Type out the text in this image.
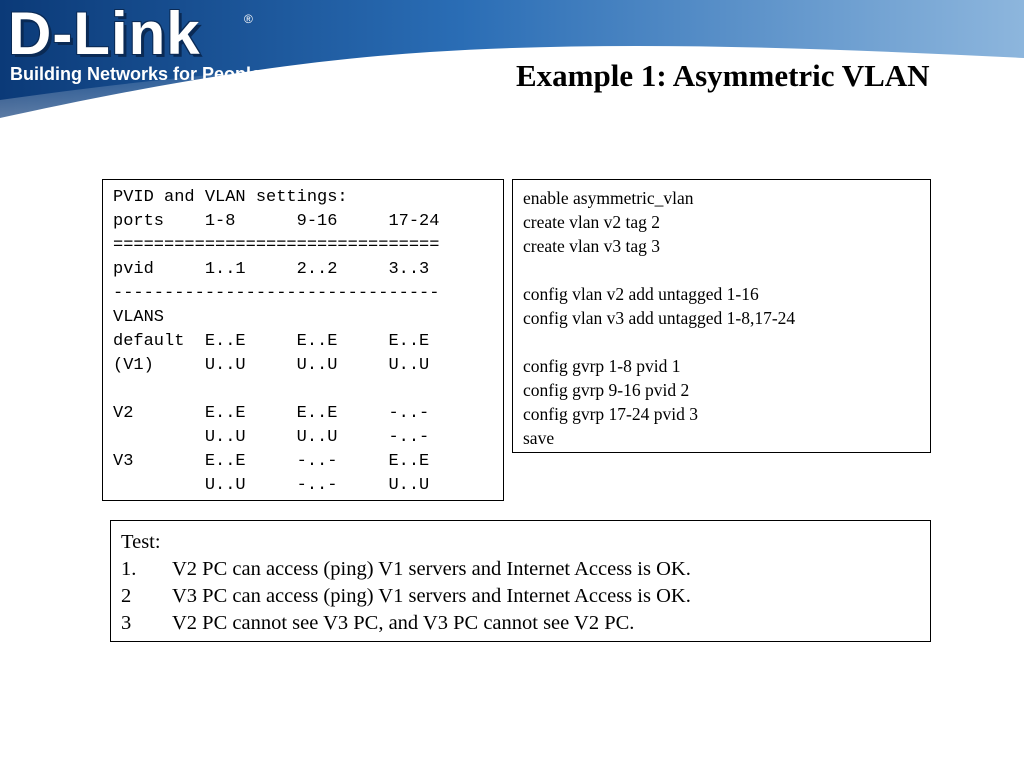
D-Link	®
Building Networks for People	Example 1: Asymmetric VLAN
PVID and VLAN settings:
ports    1-8      9-16     17-24
================================
pvid     1..1     2..2     3..3
--------------------------------
VLANS
default  E..E     E..E     E..E
(V1)     U..U     U..U     U..U
V2       E..E     E..E     -..-
U..U     U..U     -..-
V3       E..E     -..-     E..E
U..U     -..-     U..U
enable asymmetric_vlan
create vlan v2 tag 2
create vlan v3 tag 3
config vlan v2 add untagged 1-16
config vlan v3 add untagged 1-8,17-24
config gvrp 1-8 pvid 1
config gvrp 9-16 pvid 2
config gvrp 17-24 pvid 3
save
Test:
1. V2 PC can access (ping) V1 servers and Internet Access is OK.
2 V3 PC can access (ping) V1 servers and Internet Access is OK.
3 V2 PC cannot see V3 PC, and V3 PC cannot see V2 PC.
